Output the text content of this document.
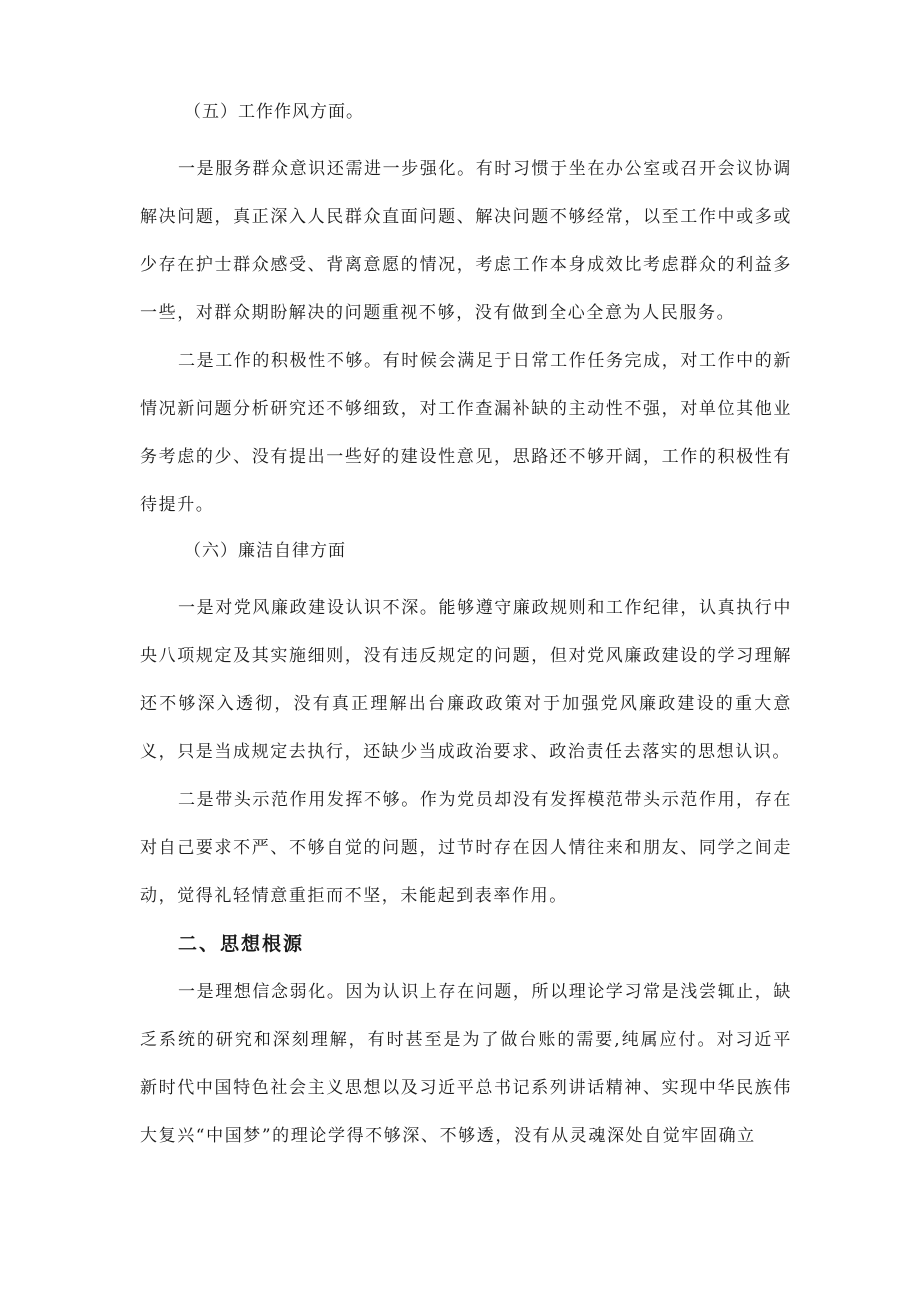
（五）工作作风方面。
一是服务群众意识还需进一步强化。有时习惯于坐在办公室或召开会议协调解决问题，真正深入人民群众直面问题、解决问题不够经常，以至工作中或多或少存在护士群众感受、背离意愿的情况，考虑工作本身成效比考虑群众的利益多一些，对群众期盼解决的问题重视不够，没有做到全心全意为人民服务。
二是工作的积极性不够。有时候会满足于日常工作任务完成，对工作中的新情况新问题分析研究还不够细致，对工作查漏补缺的主动性不强，对单位其他业务考虑的少、没有提出一些好的建设性意见，思路还不够开阔，工作的积极性有待提升。
（六）廉洁自律方面
一是对党风廉政建设认识不深。能够遵守廉政规则和工作纪律，认真执行中央八项规定及其实施细则，没有违反规定的问题，但对党风廉政建设的学习理解还不够深入透彻，没有真正理解出台廉政政策对于加强党风廉政建设的重大意义，只是当成规定去执行，还缺少当成政治要求、政治责任去落实的思想认识。
二是带头示范作用发挥不够。作为党员却没有发挥模范带头示范作用，存在对自己要求不严、不够自觉的问题，过节时存在因人情往来和朋友、同学之间走动，觉得礼轻情意重拒而不坚，未能起到表率作用。
二、思想根源
一是理想信念弱化。因为认识上存在问题，所以理论学习常是浅尝辄止，缺乏系统的研究和深刻理解，有时甚至是为了做台账的需要,纯属应付。对习近平新时代中国特色社会主义思想以及习近平总书记系列讲话精神、实现中华民族伟大复兴“中国梦”的理论学得不够深、不够透，没有从灵魂深处自觉牢固确立
